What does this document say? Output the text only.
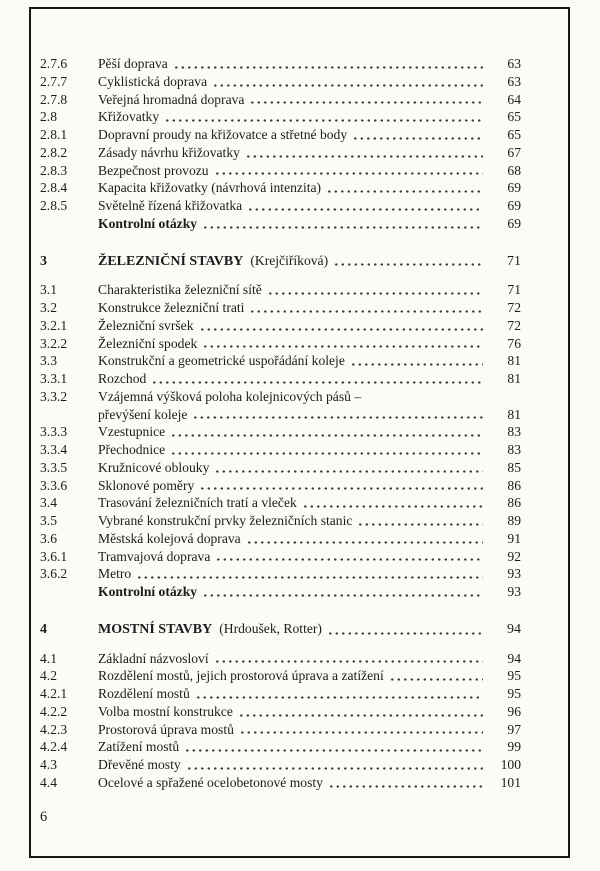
2.7.6	Pěší doprava	63
2.7.7	Cyklistická doprava	63
2.7.8	Veřejná hromadná doprava	64
2.8	Křižovatky	65
2.8.1	Dopravní proudy na křižovatce a střetné body	65
2.8.2	Zásady návrhu křižovatky	67
2.8.3	Bezpečnost provozu	68
2.8.4	Kapacita křižovatky (návrhová intenzita)	69
2.8.5	Světelně řízená křižovatka	69
Kontrolní otázky	69
3	ŽELEZNIČNÍ STAVBY (Krejčiříková)	71
3.1	Charakteristika železniční sítě	71
3.2	Konstrukce železniční trati	72
3.2.1	Železniční svršek	72
3.2.2	Železniční spodek	76
3.3	Konstrukční a geometrické uspořádání koleje	81
3.3.1	Rozchod	81
3.3.2	Vzájemná výšková poloha kolejnicových pásů –
převýšení koleje	81
3.3.3	Vzestupnice	83
3.3.4	Přechodnice	83
3.3.5	Kružnicové oblouky	85
3.3.6	Sklonové poměry	86
3.4	Trasování železničních tratí a vleček	86
3.5	Vybrané konstrukční prvky železničních stanic	89
3.6	Městská kolejová doprava	91
3.6.1	Tramvajová doprava	92
3.6.2	Metro	93
Kontrolní otázky	93
4	MOSTNÍ STAVBY (Hrdoušek, Rotter)	94
4.1	Základní názvosloví	94
4.2	Rozdělení mostů, jejich prostorová úprava a zatížení	95
4.2.1	Rozdělení mostů	95
4.2.2	Volba mostní konstrukce	96
4.2.3	Prostorová úprava mostů	97
4.2.4	Zatížení mostů	99
4.3	Dřevěné mosty	100
4.4	Ocelové a spřažené ocelobetonové mosty	101
6
